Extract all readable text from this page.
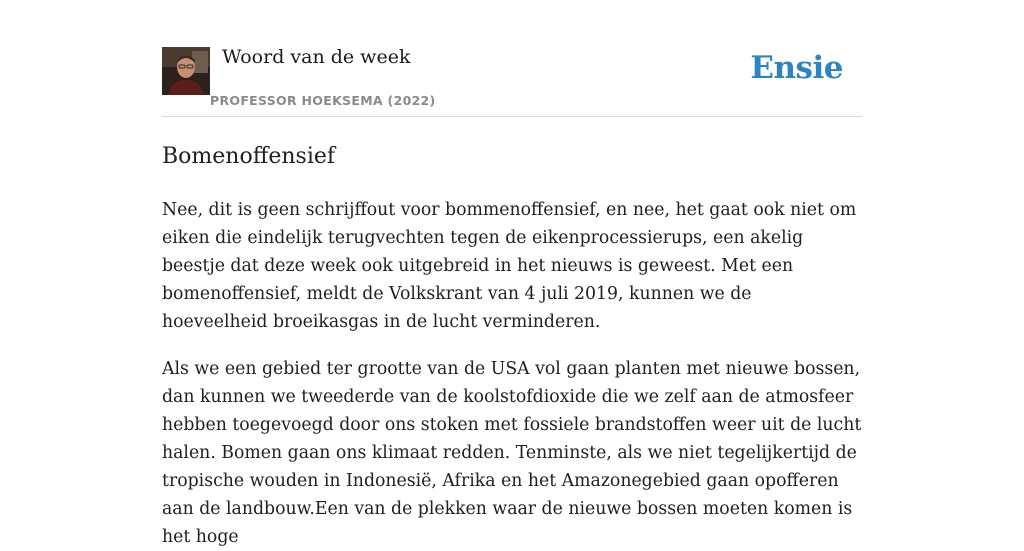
Woord van de week
PROFESSOR HOEKSEMA (2022)
Ensie
Bomenoffensief

Nee, dit is geen schrijffout voor bommenoffensief, en nee, het gaat ook niet om eiken die eindelijk terugvechten tegen de eikenprocessierups, een akelig beestje dat deze week ook uitgebreid in het nieuws is geweest. Met een bomenoffensief, meldt de Volkskrant van 4 juli 2019, kunnen we de hoeveelheid broeikasgas in de lucht verminderen.

Als we een gebied ter grootte van de USA vol gaan planten met nieuwe bossen, dan kunnen we tweederde van de koolstofdioxide die we zelf aan de atmosfeer hebben toegevoegd door ons stoken met fossiele brandstoffen weer uit de lucht halen. Bomen gaan ons klimaat redden. Tenminste, als we niet tegelijkertijd de tropische wouden in Indonesië, Afrika en het Amazonegebied gaan opofferen aan de landbouw.Een van de plekken waar de nieuwe bossen moeten komen is het hoge
